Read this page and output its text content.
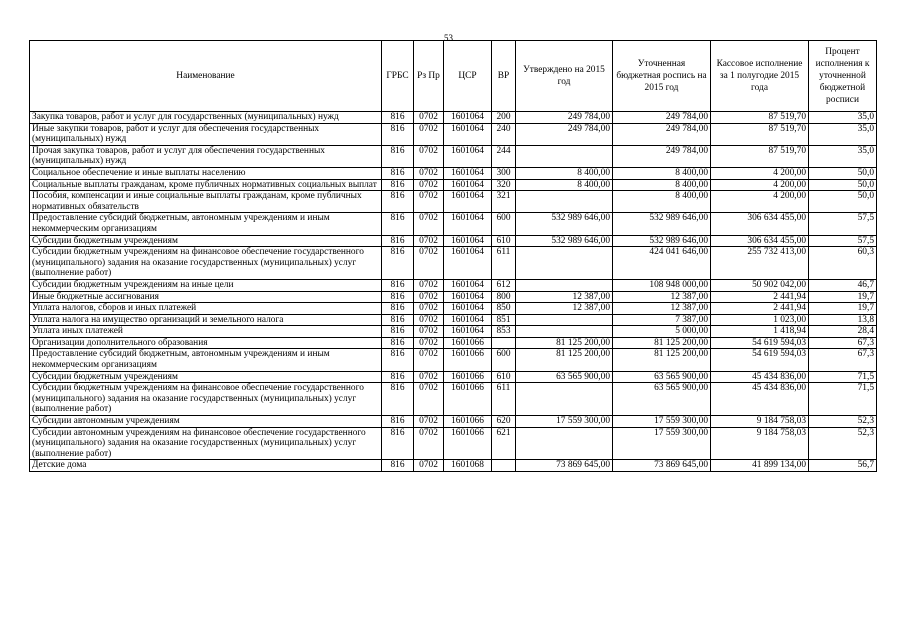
53
Наименование	ГРБС	Рз Пр	ЦСР	ВР	Утверждено на 2015 год	Уточненная бюджетная роспись на 2015 год	Кассовое исполнение за 1 полугодие 2015 года	Процент исполнения к уточненной бюджетной росписи
Закупка товаров, работ и услуг для государственных (муниципальных) нужд	816	0702	1601064	200	249 784,00	249 784,00	87 519,70	35,0
Иные закупки товаров, работ и услуг для обеспечения государственных (муниципальных) нужд	816	0702	1601064	240	249 784,00	249 784,00	87 519,70	35,0
Прочая закупка товаров, работ и услуг для обеспечения государственных (муниципальных) нужд	816	0702	1601064	244		249 784,00	87 519,70	35,0
Социальное обеспечение и иные выплаты населению	816	0702	1601064	300	8 400,00	8 400,00	4 200,00	50,0
Социальные выплаты гражданам, кроме публичных нормативных социальных выплат	816	0702	1601064	320	8 400,00	8 400,00	4 200,00	50,0
Пособия, компенсации и иные социальные выплаты гражданам, кроме публичных нормативных обязательств	816	0702	1601064	321		8 400,00	4 200,00	50,0
Предоставление субсидий бюджетным, автономным учреждениям и иным некоммерческим организациям	816	0702	1601064	600	532 989 646,00	532 989 646,00	306 634 455,00	57,5
Субсидии бюджетным учреждениям	816	0702	1601064	610	532 989 646,00	532 989 646,00	306 634 455,00	57,5
Субсидии бюджетным учреждениям на финансовое обеспечение государственного (муниципального) задания на оказание государственных (муниципальных) услуг (выполнение работ)	816	0702	1601064	611		424 041 646,00	255 732 413,00	60,3
Субсидии бюджетным учреждениям на иные цели	816	0702	1601064	612		108 948 000,00	50 902 042,00	46,7
Иные бюджетные ассигнования	816	0702	1601064	800	12 387,00	12 387,00	2 441,94	19,7
Уплата налогов, сборов и иных платежей	816	0702	1601064	850	12 387,00	12 387,00	2 441,94	19,7
Уплата налога на имущество организаций и земельного налога	816	0702	1601064	851		7 387,00	1 023,00	13,8
Уплата иных платежей	816	0702	1601064	853		5 000,00	1 418,94	28,4
Организации дополнительного образования	816	0702	1601066		81 125 200,00	81 125 200,00	54 619 594,03	67,3
Предоставление субсидий бюджетным, автономным учреждениям и иным некоммерческим организациям	816	0702	1601066	600	81 125 200,00	81 125 200,00	54 619 594,03	67,3
Субсидии бюджетным учреждениям	816	0702	1601066	610	63 565 900,00	63 565 900,00	45 434 836,00	71,5
Субсидии бюджетным учреждениям на финансовое обеспечение государственного (муниципального) задания на оказание государственных (муниципальных) услуг (выполнение работ)	816	0702	1601066	611		63 565 900,00	45 434 836,00	71,5
Субсидии автономным учреждениям	816	0702	1601066	620	17 559 300,00	17 559 300,00	9 184 758,03	52,3
Субсидии автономным учреждениям на финансовое обеспечение государственного (муниципального) задания на оказание государственных (муниципальных) услуг (выполнение работ)	816	0702	1601066	621		17 559 300,00	9 184 758,03	52,3
Детские дома	816	0702	1601068		73 869 645,00	73 869 645,00	41 899 134,00	56,7
